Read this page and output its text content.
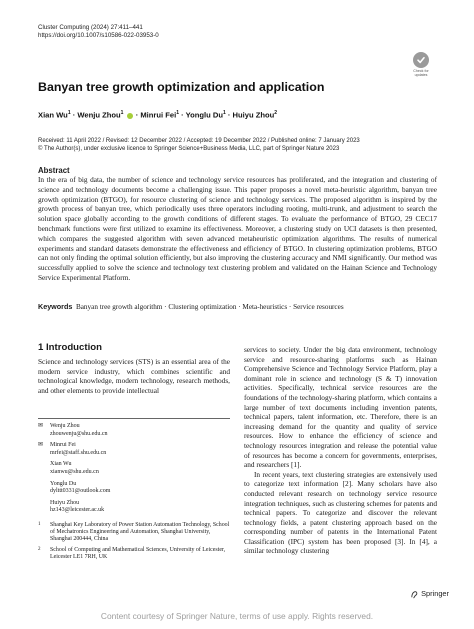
Cluster Computing (2024) 27:411–441
https://doi.org/10.1007/s10586-022-03953-0
Check for
updates
Banyan tree growth optimization and application
Xian $Wu^1$ · Wenju Zhou$^1$  · Minrui Fei$^1$ · Yonglu $Du^1$ · Huiyu Zhou$^2$
Received: 11 April 2022 / Revised: 12 December 2022 / Accepted: 19 December 2022 / Published online: 7 January 2023
© The Author(s), under exclusive licence to Springer Science+Business Media, LLC, part of Springer Nature 2023
Abstract
In the era of big data, the number of science and technology service resources has proliferated, and the integration and clustering of science and technology documents become a challenging issue. This paper proposes a novel meta-heuristic algorithm, banyan tree growth optimization (BTGO), for resource clustering of science and technology services. The proposed algorithm is inspired by the growth process of banyan tree, which periodically uses three operators including rooting, multi-trunk, and adjustment to search the solution space globally according to the growth conditions of different stages. To evaluate the performance of BTGO, 29 CEC17 benchmark functions were first utilized to examine its effectiveness. Moreover, a clustering study on UCI datasets is then presented, which compares the suggested algorithm with seven advanced metaheuristic optimization algorithms. The results of numerical experiments and standard datasets demonstrate the effectiveness and efficiency of BTGO. In clustering optimization problems, BTGO can not only finding the optimal solution efficiently, but also improving the clustering accuracy and NMI significantly. Our method was successfully applied to solve the science and technology text clustering problem and validated on the Hainan Science and Technology Service Experimental Platform.
Keywords Banyan tree growth algorithm · Clustering optimization · Meta-heuristics · Service resources
1 Introduction
Science and technology services (STS) is an essential area of the modern service industry, which combines scientific and technological knowledge, modern technology, research methods, and other elements to provide intellectual
✉ Wenju Zhou
zhouwenju@shu.edu.cn
✉ Minrui Fei
mrfei@staff.shu.edu.cn
Xian Wu
xianwu@shu.edu.cn
Yonglu Du
dylttt0331@outlook.com
Huiyu Zhou
hz143@leicester.ac.uk
1 Shanghai Key Laboratory of Power Station Automation Technology, School of Mechatronics Engineering and Automation, Shanghai University, Shanghai 200444, China
2 School of Computing and Mathematical Sciences, University of Leicester, Leicester LE1 7RH, UK
services to society. Under the big data environment, technology service and resource-sharing platforms such as Hainan Comprehensive Science and Technology Service Platform, play a dominant role in science and technology (S & T) innovation activities. Specifically, technical service resources are the foundations of the technology-sharing platform, which contains a large number of text documents including invention patents, technical papers, talent information, etc. Therefore, there is an increasing demand for the quantity and quality of service resources. How to enhance the efficiency of science and technology resources integration and release the potential value of resources has become a concern for governments, enterprises, and researchers [1].
In recent years, text clustering strategies are extensively used to categorize text information [2]. Many scholars have also conducted relevant research on technology service resource integration techniques, such as clustering schemes for patents and technical papers. To categorize and discover the relevant technology fields, a patent clustering approach based on the corresponding number of patents in the International Patent Classification (IPC) system has been proposed [3]. In [4], a similar technology clustering
Springer
Content courtesy of Springer Nature, terms of use apply. Rights reserved.
